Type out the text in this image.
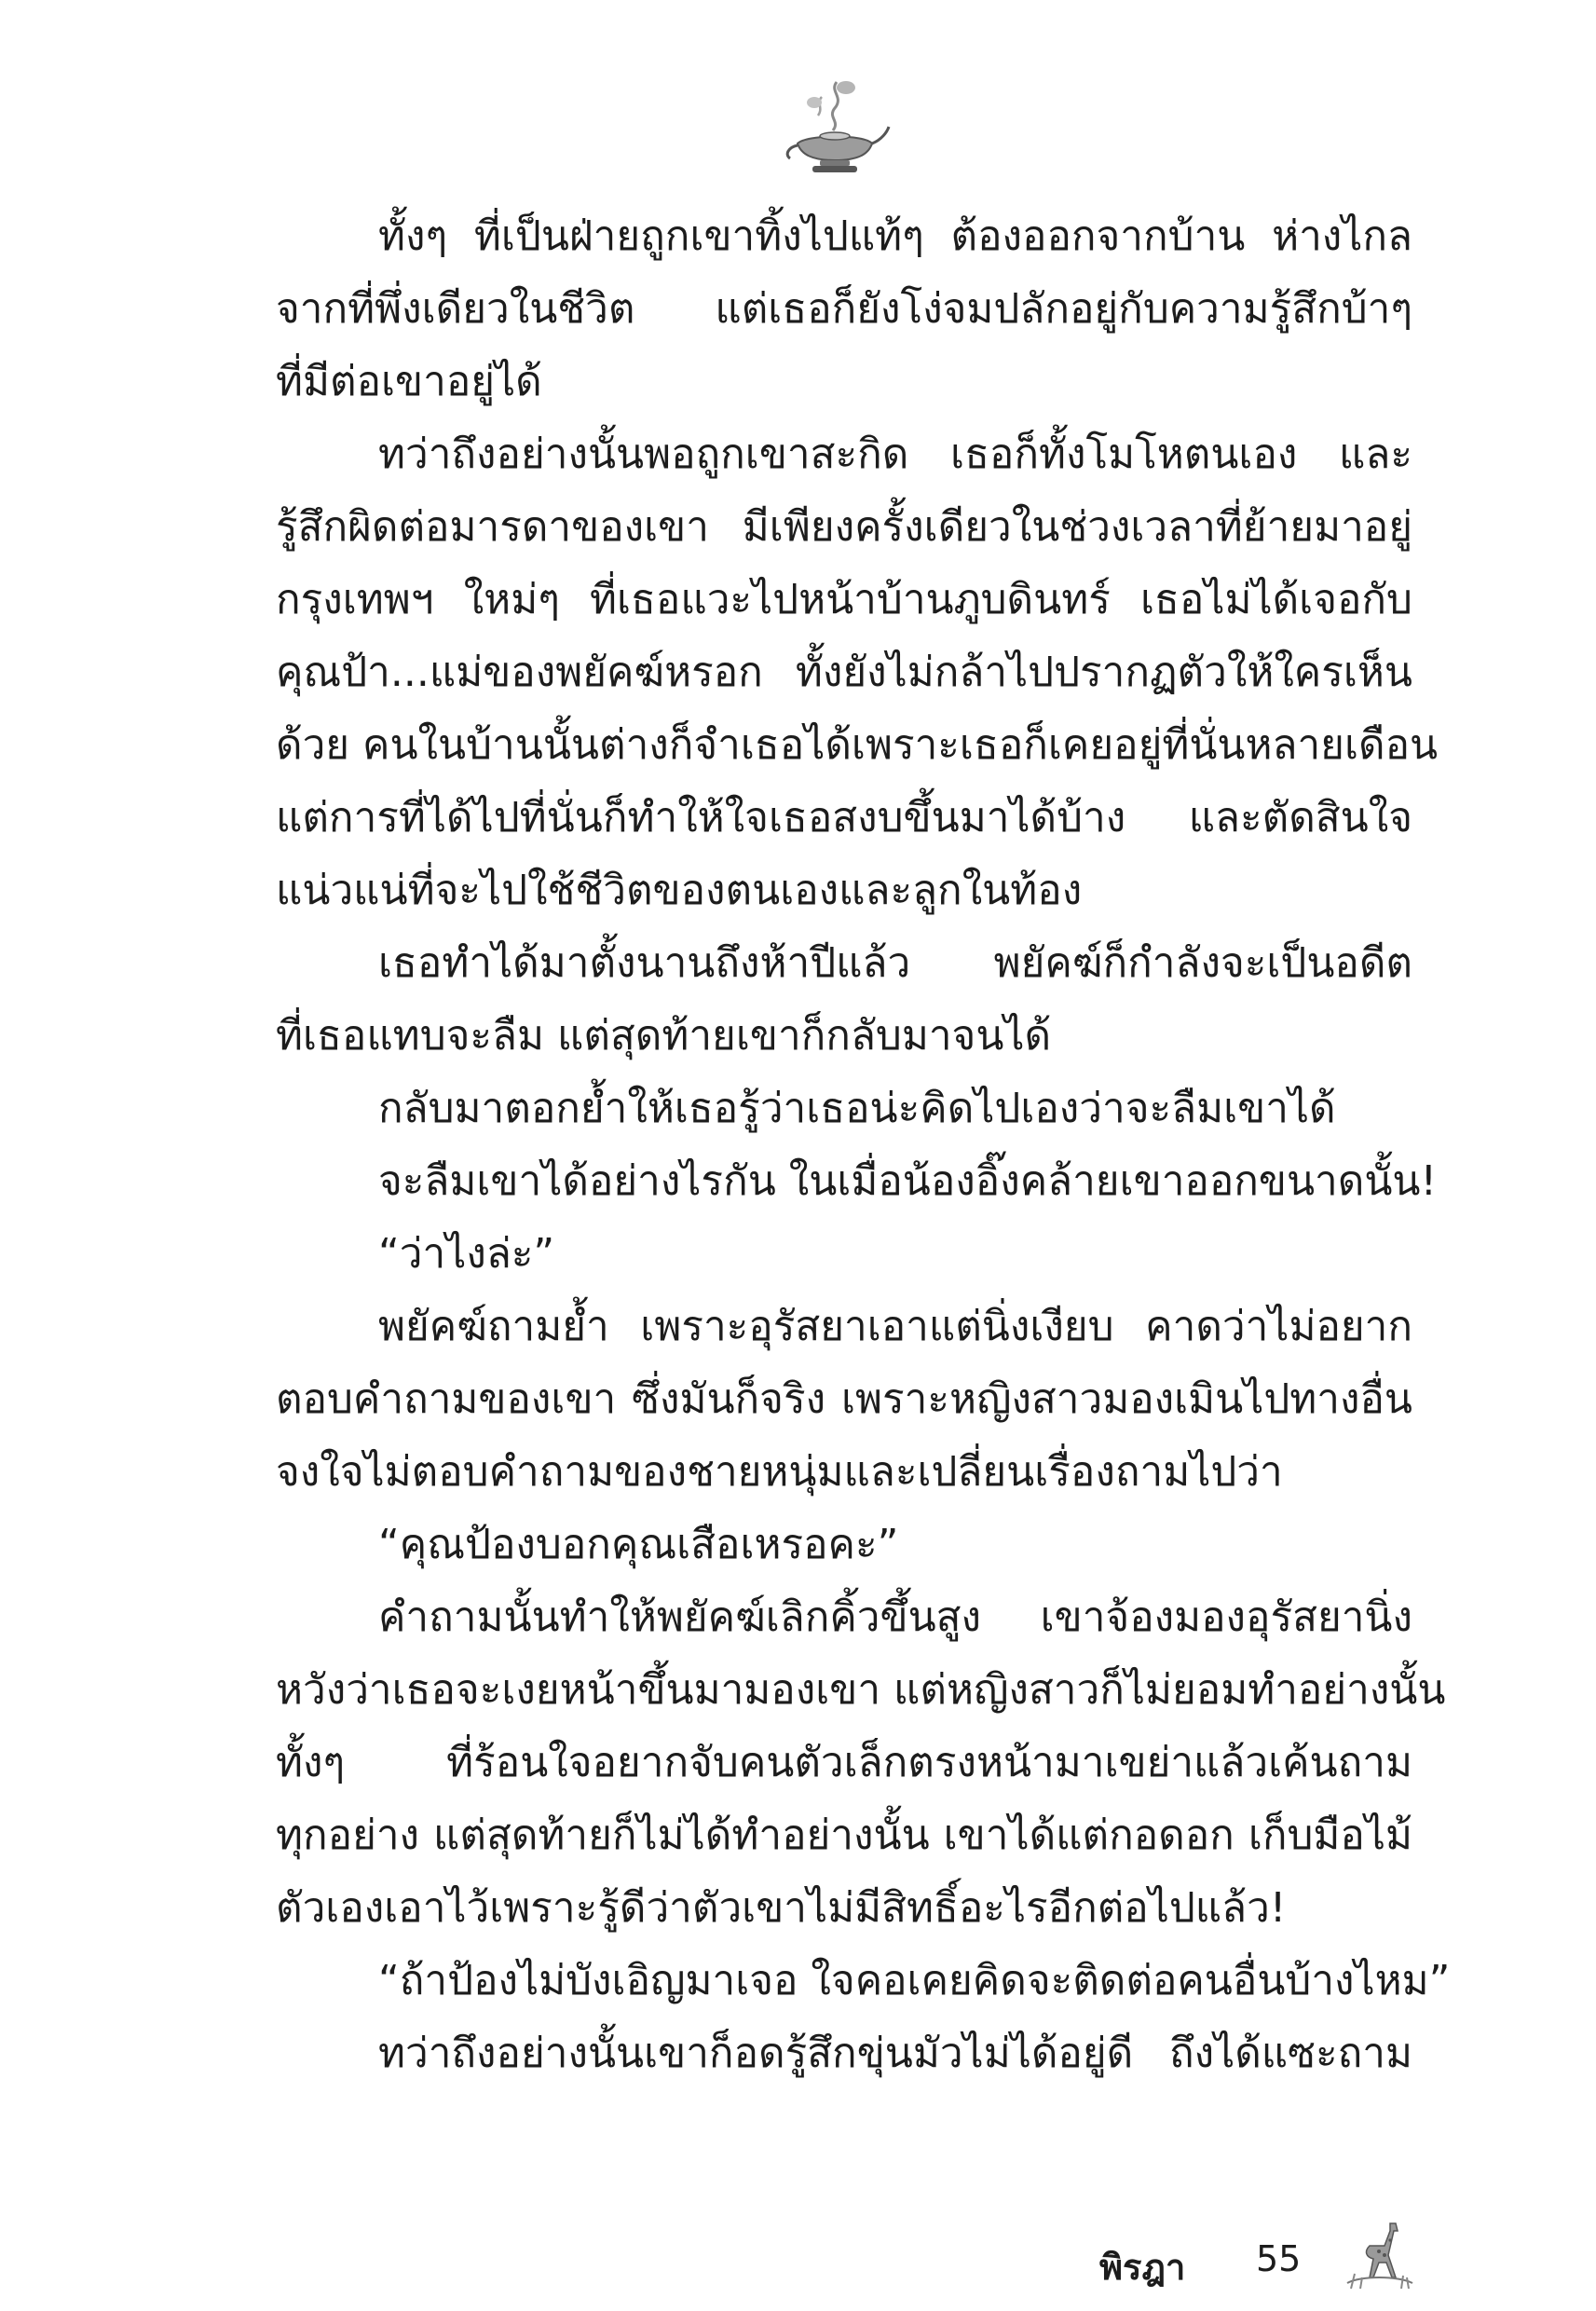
ทั้งๆ ที่เป็นฝ่ายถูกเขาทิ้งไปแท้ๆ ต้องออกจากบ้าน ห่างไกล
จากที่พึ่งเดียวในชีวิต แต่เธอก็ยังโง่จมปลักอยู่กับความรู้สึกบ้าๆ
ที่มีต่อเขาอยู่ได้
ทว่าถึงอย่างนั้นพอถูกเขาสะกิด เธอก็ทั้งโมโหตนเอง และ
รู้สึกผิดต่อมารดาของเขา มีเพียงครั้งเดียวในช่วงเวลาที่ย้ายมาอยู่
กรุงเทพฯ ใหม่ๆ ที่เธอแวะไปหน้าบ้านภูบดินทร์ เธอไม่ได้เจอกับ
คุณป้า...แม่ของพยัคฆ์หรอก ทั้งยังไม่กล้าไปปรากฏตัวให้ใครเห็น
ด้วย คนในบ้านนั้นต่างก็จำเธอได้เพราะเธอก็เคยอยู่ที่นั่นหลายเดือน
แต่การที่ได้ไปที่นั่นก็ทำให้ใจเธอสงบขึ้นมาได้บ้าง และตัดสินใจ
แน่วแน่ที่จะไปใช้ชีวิตของตนเองและลูกในท้อง
เธอทำได้มาตั้งนานถึงห้าปีแล้ว พยัคฆ์ก็กำลังจะเป็นอดีต
ที่เธอแทบจะลืม แต่สุดท้ายเขาก็กลับมาจนได้
กลับมาตอกย้ำให้เธอรู้ว่าเธอน่ะคิดไปเองว่าจะลืมเขาได้
จะลืมเขาได้อย่างไรกัน ในเมื่อน้องอิ๊งคล้ายเขาออกขนาดนั้น!
“ว่าไงล่ะ”
พยัคฆ์ถามย้ำ เพราะอุรัสยาเอาแต่นิ่งเงียบ คาดว่าไม่อยาก
ตอบคำถามของเขา ซึ่งมันก็จริง เพราะหญิงสาวมองเมินไปทางอื่น
จงใจไม่ตอบคำถามของชายหนุ่มและเปลี่ยนเรื่องถามไปว่า
“คุณป้องบอกคุณเสือเหรอคะ”
คำถามนั้นทำให้พยัคฆ์เลิกคิ้วขึ้นสูง เขาจ้องมองอุรัสยานิ่ง
หวังว่าเธอจะเงยหน้าขึ้นมามองเขา แต่หญิงสาวก็ไม่ยอมทำอย่างนั้น
ทั้งๆ ที่ร้อนใจอยากจับคนตัวเล็กตรงหน้ามาเขย่าแล้วเค้นถาม
ทุกอย่าง แต่สุดท้ายก็ไม่ได้ทำอย่างนั้น เขาได้แต่กอดอก เก็บมือไม้
ตัวเองเอาไว้เพราะรู้ดีว่าตัวเขาไม่มีสิทธิ์อะไรอีกต่อไปแล้ว!
“ถ้าป้องไม่บังเอิญมาเจอ ใจคอเคยคิดจะติดต่อคนอื่นบ้างไหม”
ทว่าถึงอย่างนั้นเขาก็อดรู้สึกขุ่นมัวไม่ได้อยู่ดี ถึงได้แซะถาม
พิรฎา 55
